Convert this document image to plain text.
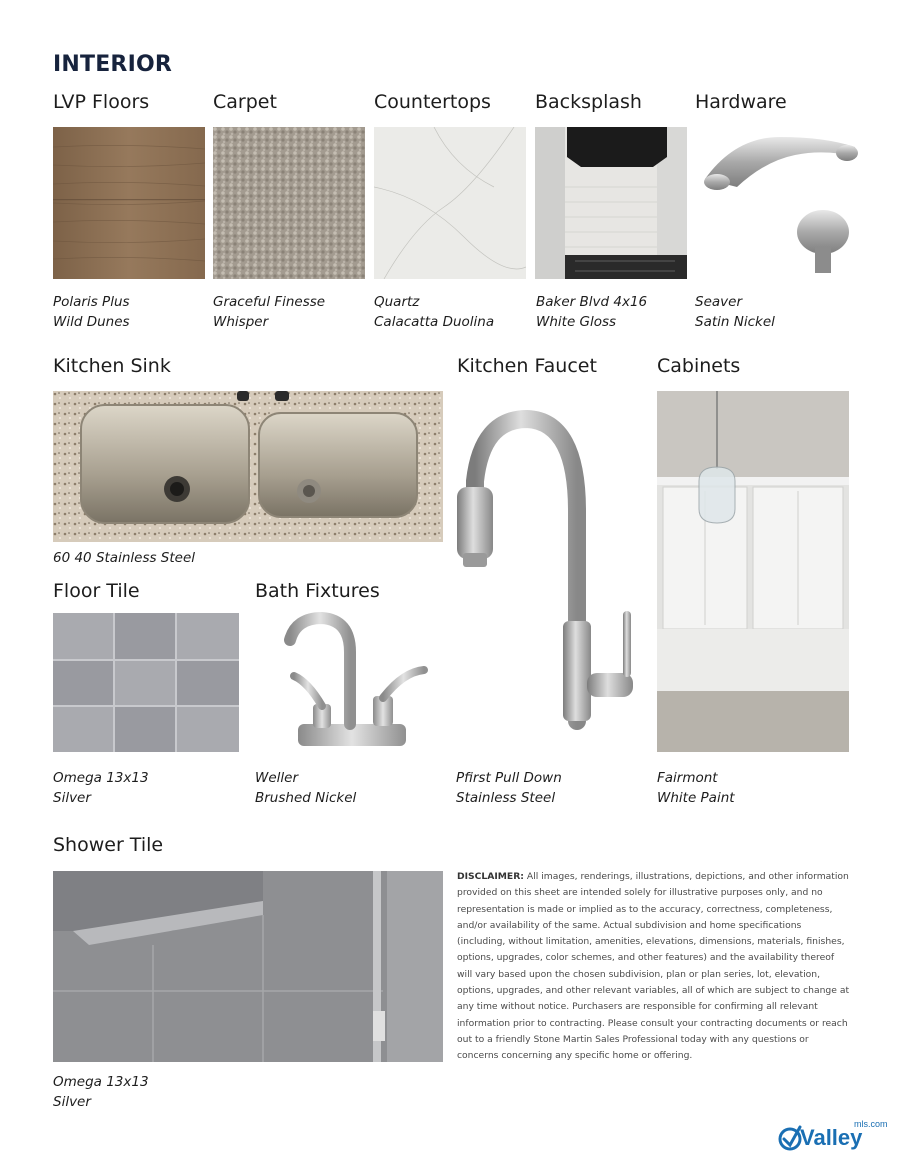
INTERIOR
LVP Floors	Carpet	Countertops Backsplash	Hardware
Polaris Plus
Wild Dunes
Graceful Finesse
Whisper
Quartz
Calacatta Duolina
Baker Blvd 4x16
White Gloss
Seaver
Satin Nickel
Kitchen Sink	Kitchen Faucet	Cabinets
60 40 Stainless Steel
Floor Tile	Bath Fixtures
Omega 13x13
Silver
Weller
Brushed Nickel
Pfirst Pull Down
Stainless Steel
Fairmont
White Paint
Shower Tile
Omega 13x13
Silver
DISCLAIMER: All images, renderings, illustrations, depictions, and other information provided on this sheet are intended solely for illustrative purposes only, and no representation is made or implied as to the accuracy, correctness, completeness, and/or availability of the same. Actual subdivision and home specifications (including, without limitation, amenities, elevations, dimensions, materials, finishes, options, upgrades, color schemes, and other features) and the availability thereof will vary based upon the chosen subdivision, plan or plan series, lot, elevation, options, upgrades, and other relevant variables, all of which are subject to change at any time without notice. Purchasers are responsible for confirming all relevant information prior to contracting. Please consult your contracting documents or reach out to a friendly Stone Martin Sales Professional today with any questions or concerns concerning any specific home or offering.
Valley
mls.com
